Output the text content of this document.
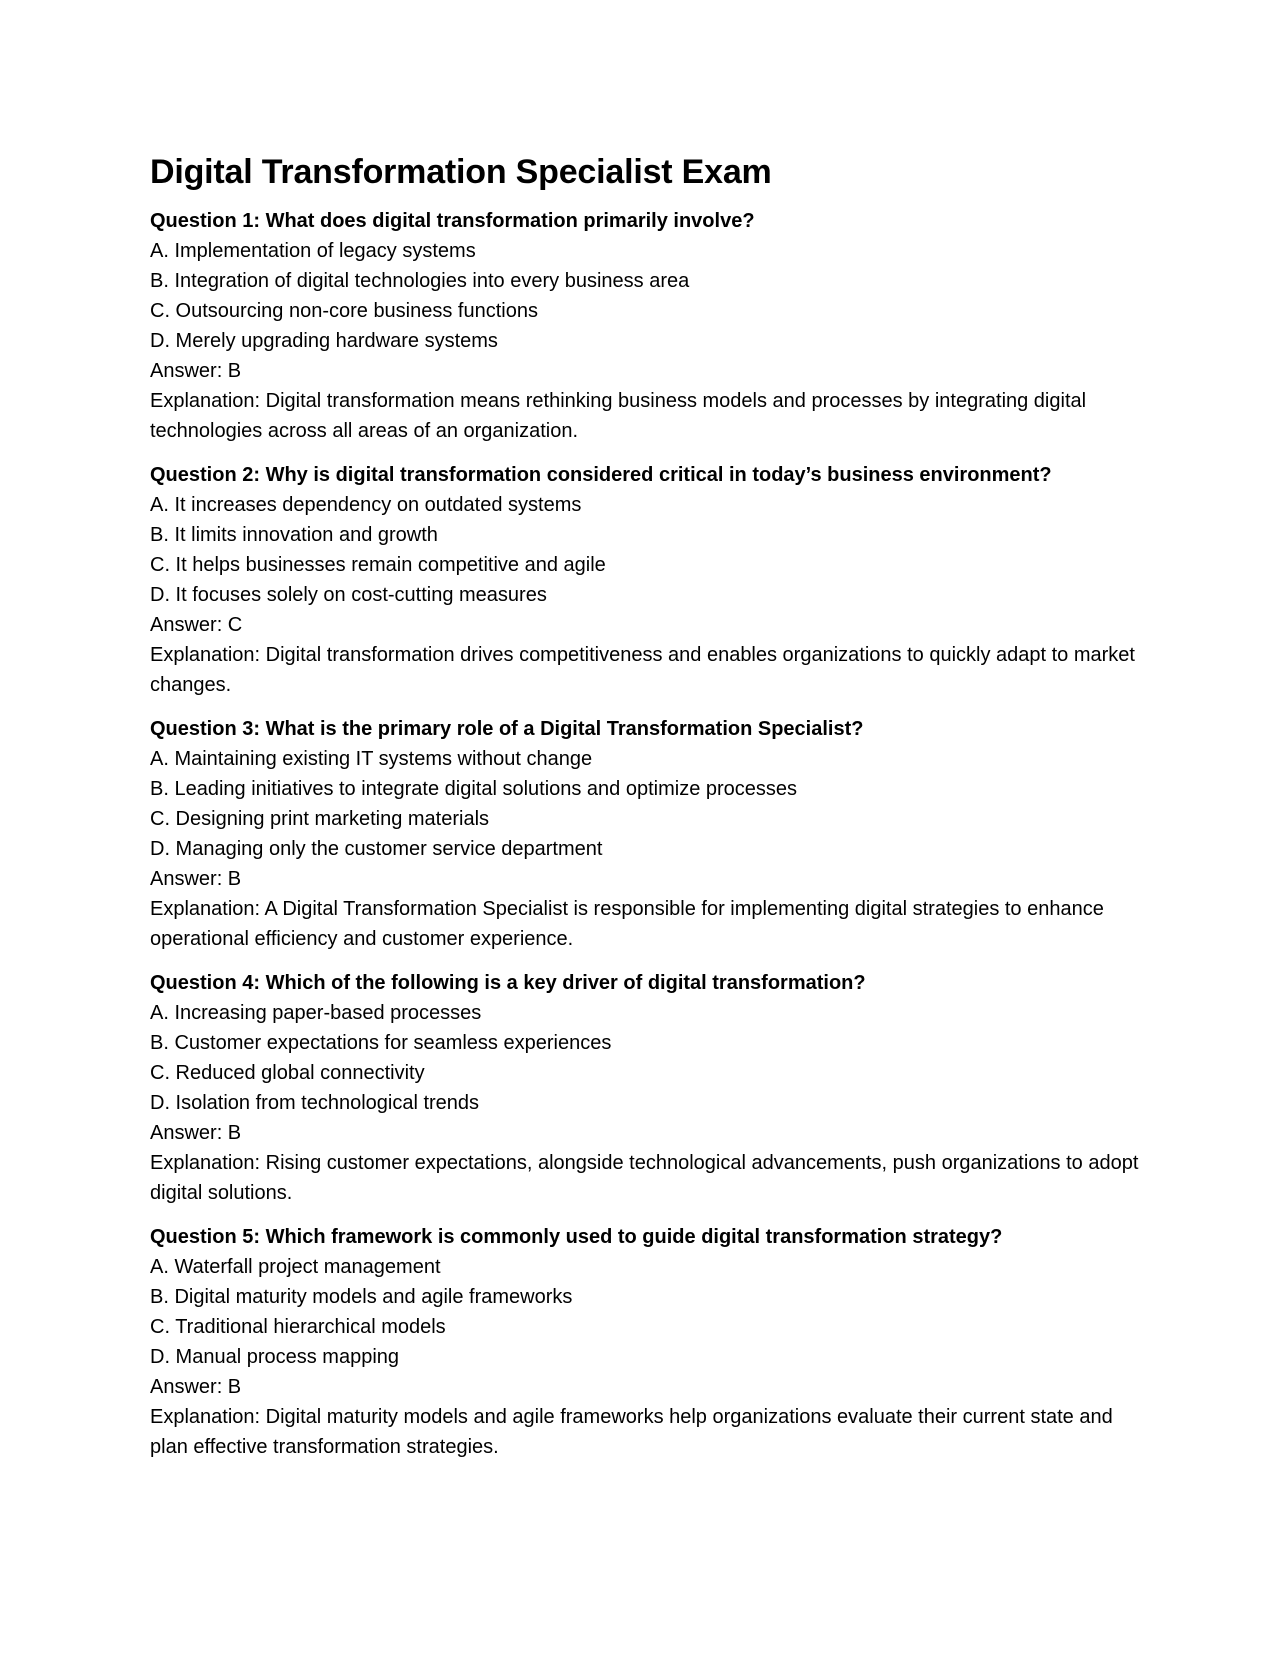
Digital Transformation Specialist Exam

Question 1: What does digital transformation primarily involve?

A. Implementation of legacy systems

B. Integration of digital technologies into every business area

C. Outsourcing non-core business functions

D. Merely upgrading hardware systems

Answer: B

Explanation: Digital transformation means rethinking business models and processes by integrating digital technologies across all areas of an organization.

Question 2: Why is digital transformation considered critical in today’s business environment?

A. It increases dependency on outdated systems

B. It limits innovation and growth

C. It helps businesses remain competitive and agile

D. It focuses solely on cost-cutting measures

Answer: C

Explanation: Digital transformation drives competitiveness and enables organizations to quickly adapt to market changes.

Question 3: What is the primary role of a Digital Transformation Specialist?

A. Maintaining existing IT systems without change

B. Leading initiatives to integrate digital solutions and optimize processes

C. Designing print marketing materials

D. Managing only the customer service department

Answer: B

Explanation: A Digital Transformation Specialist is responsible for implementing digital strategies to enhance operational efficiency and customer experience.

Question 4: Which of the following is a key driver of digital transformation?

A. Increasing paper-based processes

B. Customer expectations for seamless experiences

C. Reduced global connectivity

D. Isolation from technological trends

Answer: B

Explanation: Rising customer expectations, alongside technological advancements, push organizations to adopt digital solutions.

Question 5: Which framework is commonly used to guide digital transformation strategy?

A. Waterfall project management

B. Digital maturity models and agile frameworks

C. Traditional hierarchical models

D. Manual process mapping

Answer: B

Explanation: Digital maturity models and agile frameworks help organizations evaluate their current state and plan effective transformation strategies.
